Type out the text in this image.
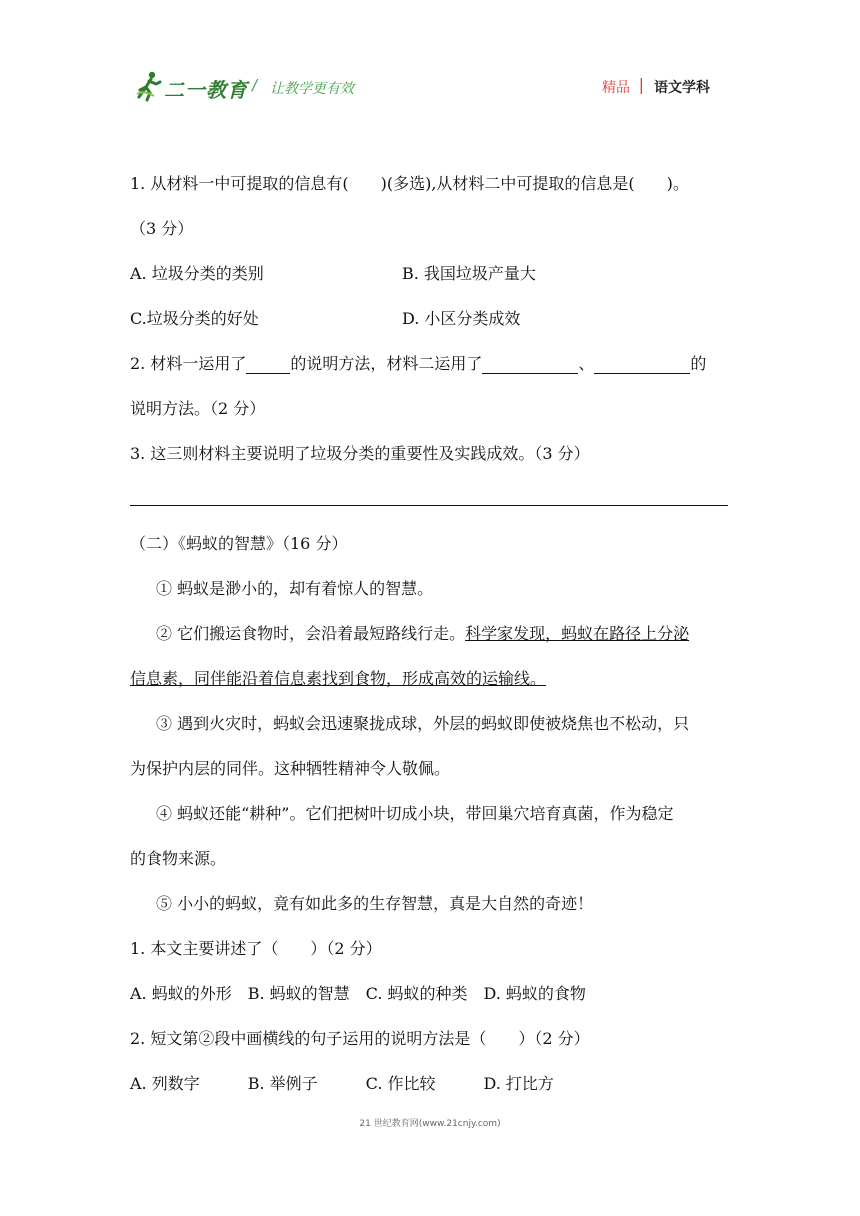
二一教育 / 让教学更有效	精品 | 语文学科
1. 从材料一中可提取的信息有(　　)(多选),从材料二中可提取的信息是(　　)。
（3 分）
A. 垃圾分类的类别	B. 我国垃圾产量大
C.垃圾分类的好处	D. 小区分类成效
2. 材料一运用了	的说明方法，材料二运用了	、	的
说明方法。（2 分）
3. 这三则材料主要说明了垃圾分类的重要性及实践成效。（3 分）
（二）《蚂蚁的智慧》（16 分）
① 蚂蚁是渺小的，却有着惊人的智慧。
② 它们搬运食物时，会沿着最短路线行走。科学家发现，蚂蚁在路径上分泌
信息素，同伴能沿着信息素找到食物，形成高效的运输线。
③ 遇到火灾时，蚂蚁会迅速聚拢成球，外层的蚂蚁即使被烧焦也不松动，只
为保护内层的同伴。这种牺牲精神令人敬佩。
④ 蚂蚁还能“耕种”。它们把树叶切成小块，带回巢穴培育真菌，作为稳定
的食物来源。
⑤ 小小的蚂蚁，竟有如此多的生存智慧，真是大自然的奇迹！
1. 本文主要讲述了（　　）（2 分）
A. 蚂蚁的外形　B. 蚂蚁的智慧　C. 蚂蚁的种类　D. 蚂蚁的食物
2. 短文第②段中画横线的句子运用的说明方法是（　　）（2 分）
A. 列数字　　　B. 举例子　　　C. 作比较　　　D. 打比方
21 世纪教育网(www.21cnjy.com)
